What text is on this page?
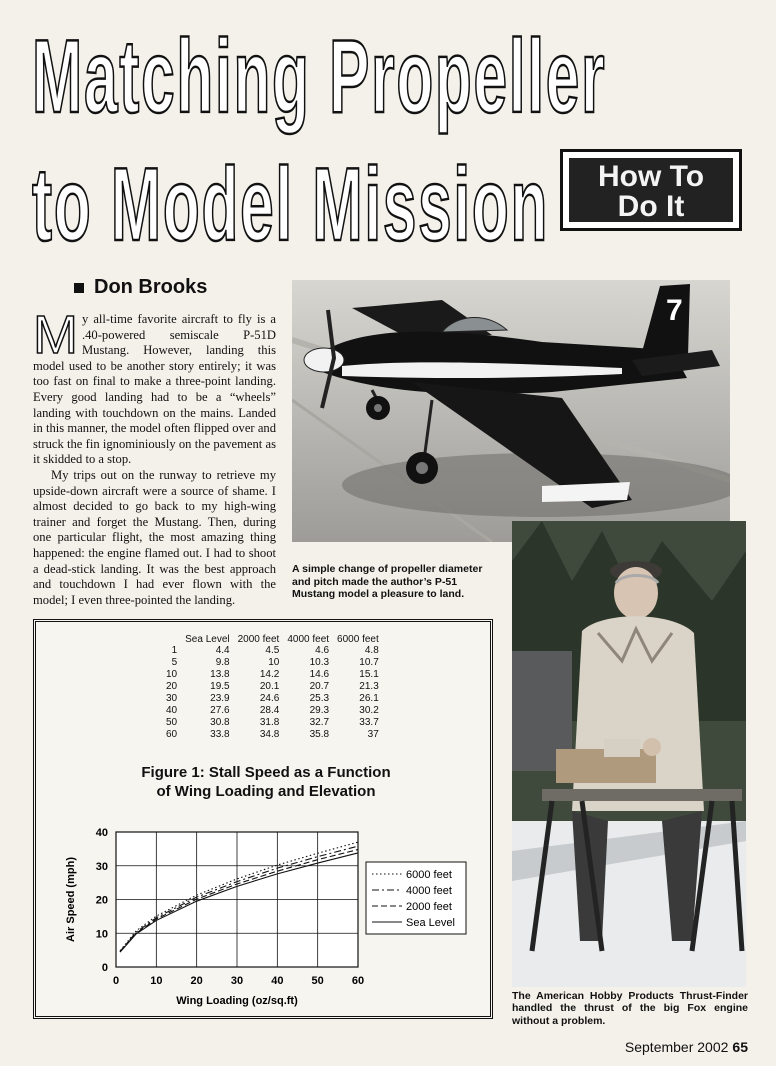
Matching Propeller
to Model Mission	How To
Do It
Don Brooks

My all-time favorite aircraft to fly is a .40-powered semiscale P-51D Mustang. However, landing this model used to be another story entirely; it was too fast on final to make a three-point landing. Every good landing had to be a “wheels” landing with touchdown on the mains. Landed in this manner, the model often flipped over and struck the fin ignominiously on the pavement as it skidded to a stop.

My trips out on the runway to retrieve my upside-down aircraft were a source of shame. I almost decided to go back to my high-wing trainer and forget the Mustang. Then, during one particular flight, the most amazing thing happened: the engine flamed out. I had to shoot a dead-stick landing. It was the best approach and touchdown I had ever flown with the model; I even three-pointed the landing.

7
A simple change of propeller diameter and pitch made the author’s P-51 Mustang model a pleasure to land.
The American Hobby Products Thrust-Finder handled the thrust of the big Fox engine without a problem.
	Sea Level	2000 feet	4000 feet	6000 feet
1	4.4	4.5	4.6	4.8
5	9.8	10	10.3	10.7
10	13.8	14.2	14.6	15.1
20	19.5	20.1	20.7	21.3
30	23.9	24.6	25.3	26.1
40	27.6	28.4	29.3	30.2
50	30.8	31.8	32.7	33.7
60	33.8	34.8	35.8	37
Figure 1: Stall Speed as a Function
of Wing Loading and Elevation
0	10	20	30	40	50	60
0
10
20
30
40
Wing Loading (oz/sq.ft)
Air Speed (mph)	6000 feet
4000 feet
2000 feet
Sea Level
September 2002 65
